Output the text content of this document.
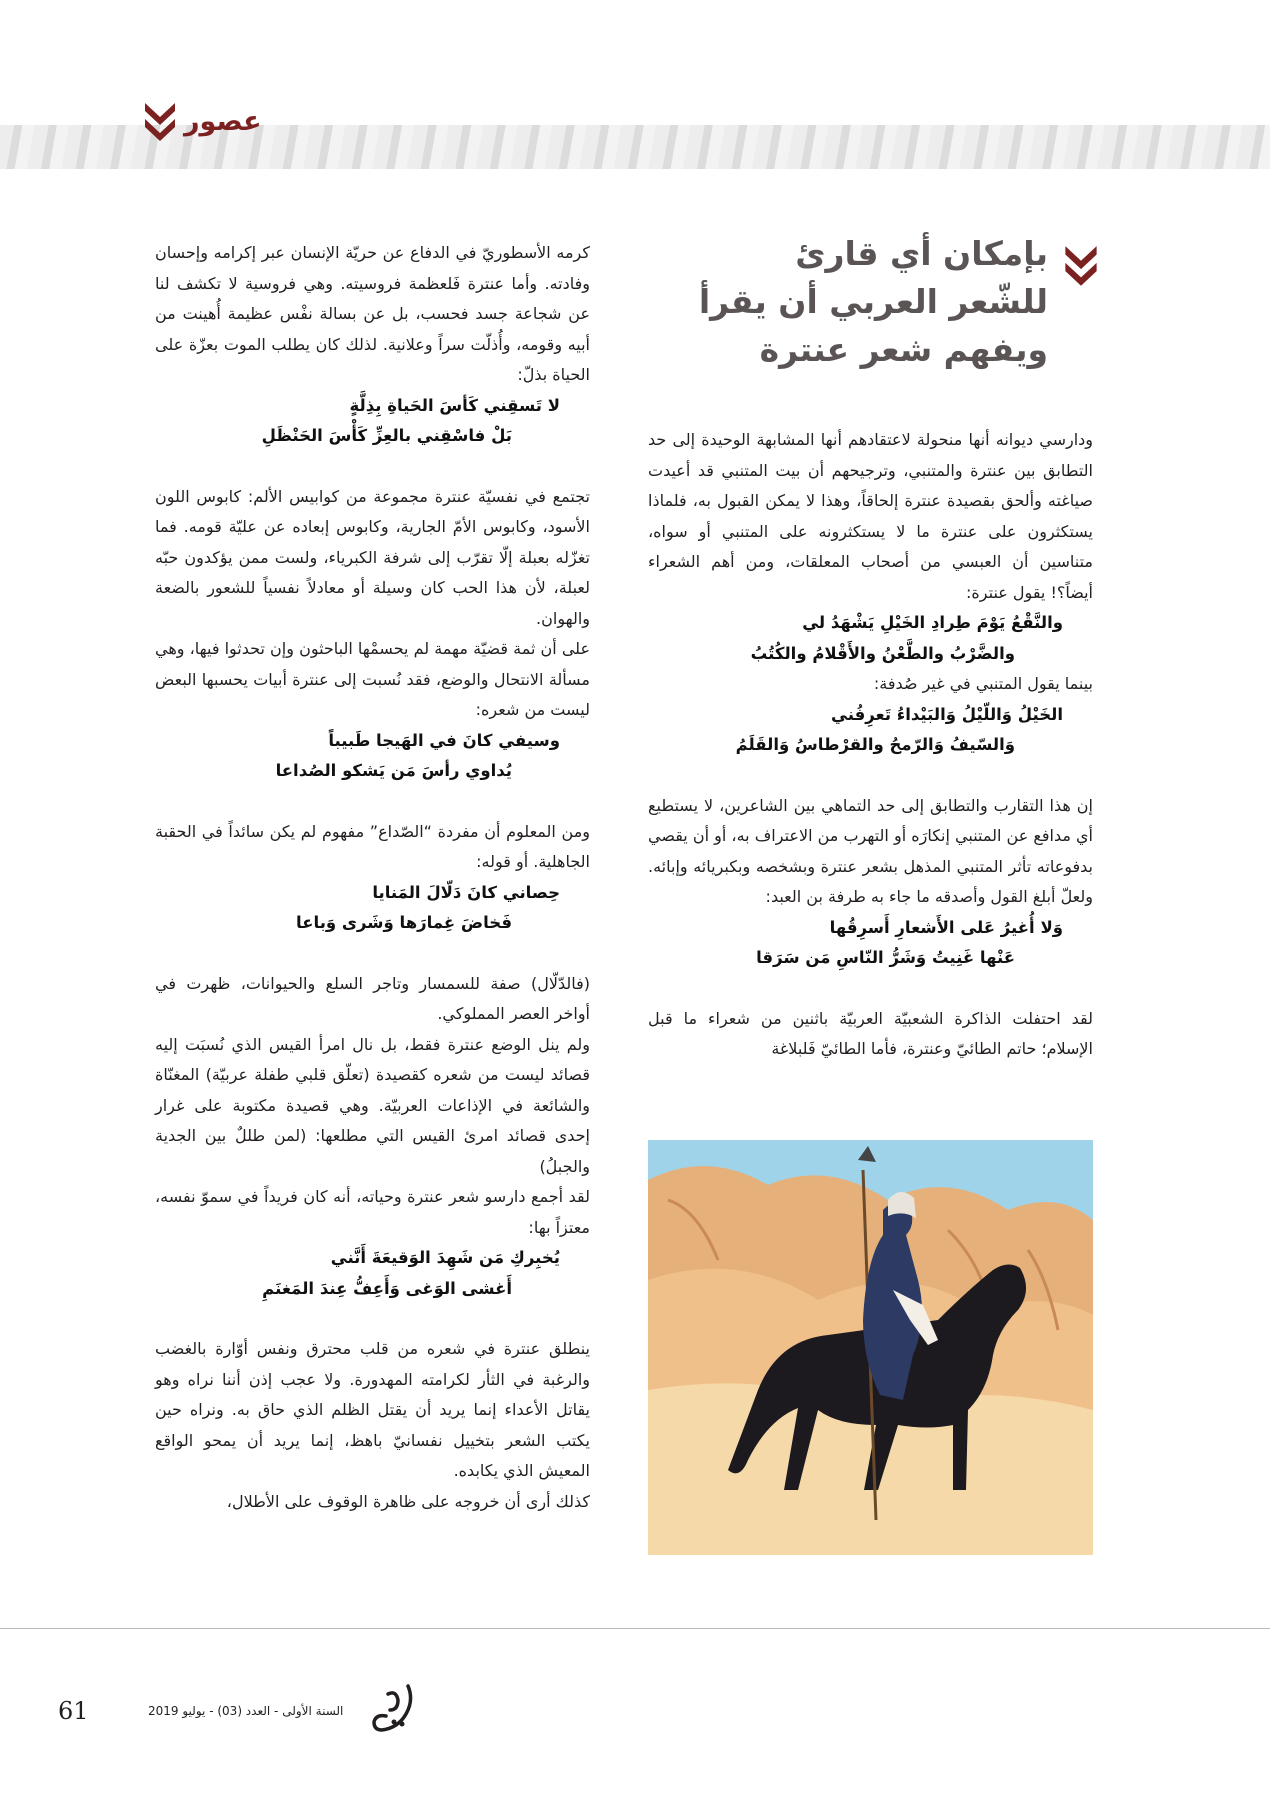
عصور
بإمكان أي قارئ
للشّعر العربي أن يقرأ
ويفهم شعر عنترة

ودارسي ديوانه أنها منحولة لاعتقادهم أنها المشابهة الوحيدة إلى حد التطابق بين عنترة والمتنبي، وترجيحهم أن بيت المتنبي قد أعيدت صياغته وألحق بقصيدة عنترة إلحاقاً، وهذا لا يمكن القبول به، فلماذا يستكثرون على عنترة ما لا يستكثرونه على المتنبي أو سواه، متناسين أن العبسي من أصحاب المعلقات، ومن أهم الشعراء أيضاً؟! يقول عنترة:

والنَّقْعُ يَوْمَ طِرادِ الخَيْلِ يَشْهَدُ لي
والضَّرْبُ والطَّعْنُ والأَقْلامُ والكُتُبُ

بينما يقول المتنبي في غير صُدفة:

الخَيْلُ وَاللّيْلُ وَالبَيْداءُ تَعرِفُني
وَالسّيفُ وَالرّمحُ والقرْطاسُ وَالقَلَمُ

إن هذا التقارب والتطابق إلى حد التماهي بين الشاعرين، لا يستطيع أي مدافع عن المتنبي إنكارَه أو التهرب من الاعتراف به، أو أن يقصي بدفوعاته تأثر المتنبي المذهل بشعر عنترة وبشخصه وبكبريائه وإبائه. ولعلّ أبلغ القول وأصدقه ما جاء به طرفة بن العبد:

وَلا أُغيرُ عَلى الأَشعارِ أَسرِقُها
عَنْها غَنِيتُ وَشَرُّ النّاسِ مَن سَرَقا

لقد احتفلت الذاكرة الشعبيّة العربيّة باثنين من شعراء ما قبل الإسلام؛ حاتم الطائيّ وعنترة، فأما الطائيّ فَلبلاغة

كرمه الأسطوريّ في الدفاع عن حريّة الإنسان عبر إكرامه وإحسان وفادته. وأما عنترة فَلعظمة فروسيته. وهي فروسية لا تكشف لنا عن شجاعة جسد فحسب، بل عن بسالة نفْس عظيمة أُهينت من أبيه وقومه، وأُذلّت سراً وعلانية. لذلك كان يطلب الموت بعزّة على الحياة بذلّ:

لا تَسقِني كَأسَ الحَياةِ بِذِلَّةٍ
بَلْ فاسْقِني بالعِزِّ كَأْسَ الحَنْظَلِ

تجتمع في نفسيّة عنترة مجموعة من كوابيس الألم: كابوس اللون الأسود، وكابوس الأمّ الجارية، وكابوس إبعاده عن عليّة قومه. فما تغزّله بعبلة إلّا تقرّب إلى شرفة الكبرياء، ولست ممن يؤكدون حبّه لعبلة، لأن هذا الحب كان وسيلة أو معادلاً نفسياً للشعور بالضعة والهوان.

على أن ثمة قضيّة مهمة لم يحسمْها الباحثون وإن تحدثوا فيها، وهي مسألة الانتحال والوضع، فقد نُسبت إلى عنترة أبيات يحسبها البعض ليست من شعره:

وسيفي كانَ في الهَيجا طَبيباً
يُداوي رأسَ مَن يَشكو الصُداعا

ومن المعلوم أن مفردة “الصّداع” مفهوم لم يكن سائداً في الحقبة الجاهلية. أو قوله:

حِصاني كانَ دَلّالَ المَنايا
فَخاضَ غِمارَها وَشَرى وَباعا

(فالدّلّال) صفة للسمسار وتاجر السلع والحيوانات، ظهرت في أواخر العصر المملوكي.

ولم ينل الوضع عنترة فقط، بل نال امرأ القيس الذي نُسبَت إليه قصائد ليست من شعره كقصيدة (تعلّق قلبي طفلة عربيّة) المغنّاة والشائعة في الإذاعات العربيّة. وهي قصيدة مكتوبة على غرار إحدى قصائد امرئ القيس التي مطلعها: (لمن طللٌ بين الجدية والجبلُ)

لقد أجمع دارسو شعر عنترة وحياته، أنه كان فريداً في سموّ نفسه، معتزاً بها:

يُخبِركِ مَن شَهِدَ الوَقيعَةَ أَنَّني
أَغشى الوَغى وَأَعِفُّ عِندَ المَغنَمِ

ينطلق عنترة في شعره من قلب محترق ونفس أوّارة بالغضب والرغبة في الثأر لكرامته المهدورة. ولا عجب إذن أننا نراه وهو يقاتل الأعداء إنما يريد أن يقتل الظلم الذي حاق به. ونراه حين يكتب الشعر بتخييل نفسانيّ باهظ، إنما يريد أن يمحو الواقع المعيش الذي يكابده.

كذلك أرى أن خروجه على ظاهرة الوقوف على الأطلال،

61	السنة الأولى - العدد (03) - يوليو 2019
